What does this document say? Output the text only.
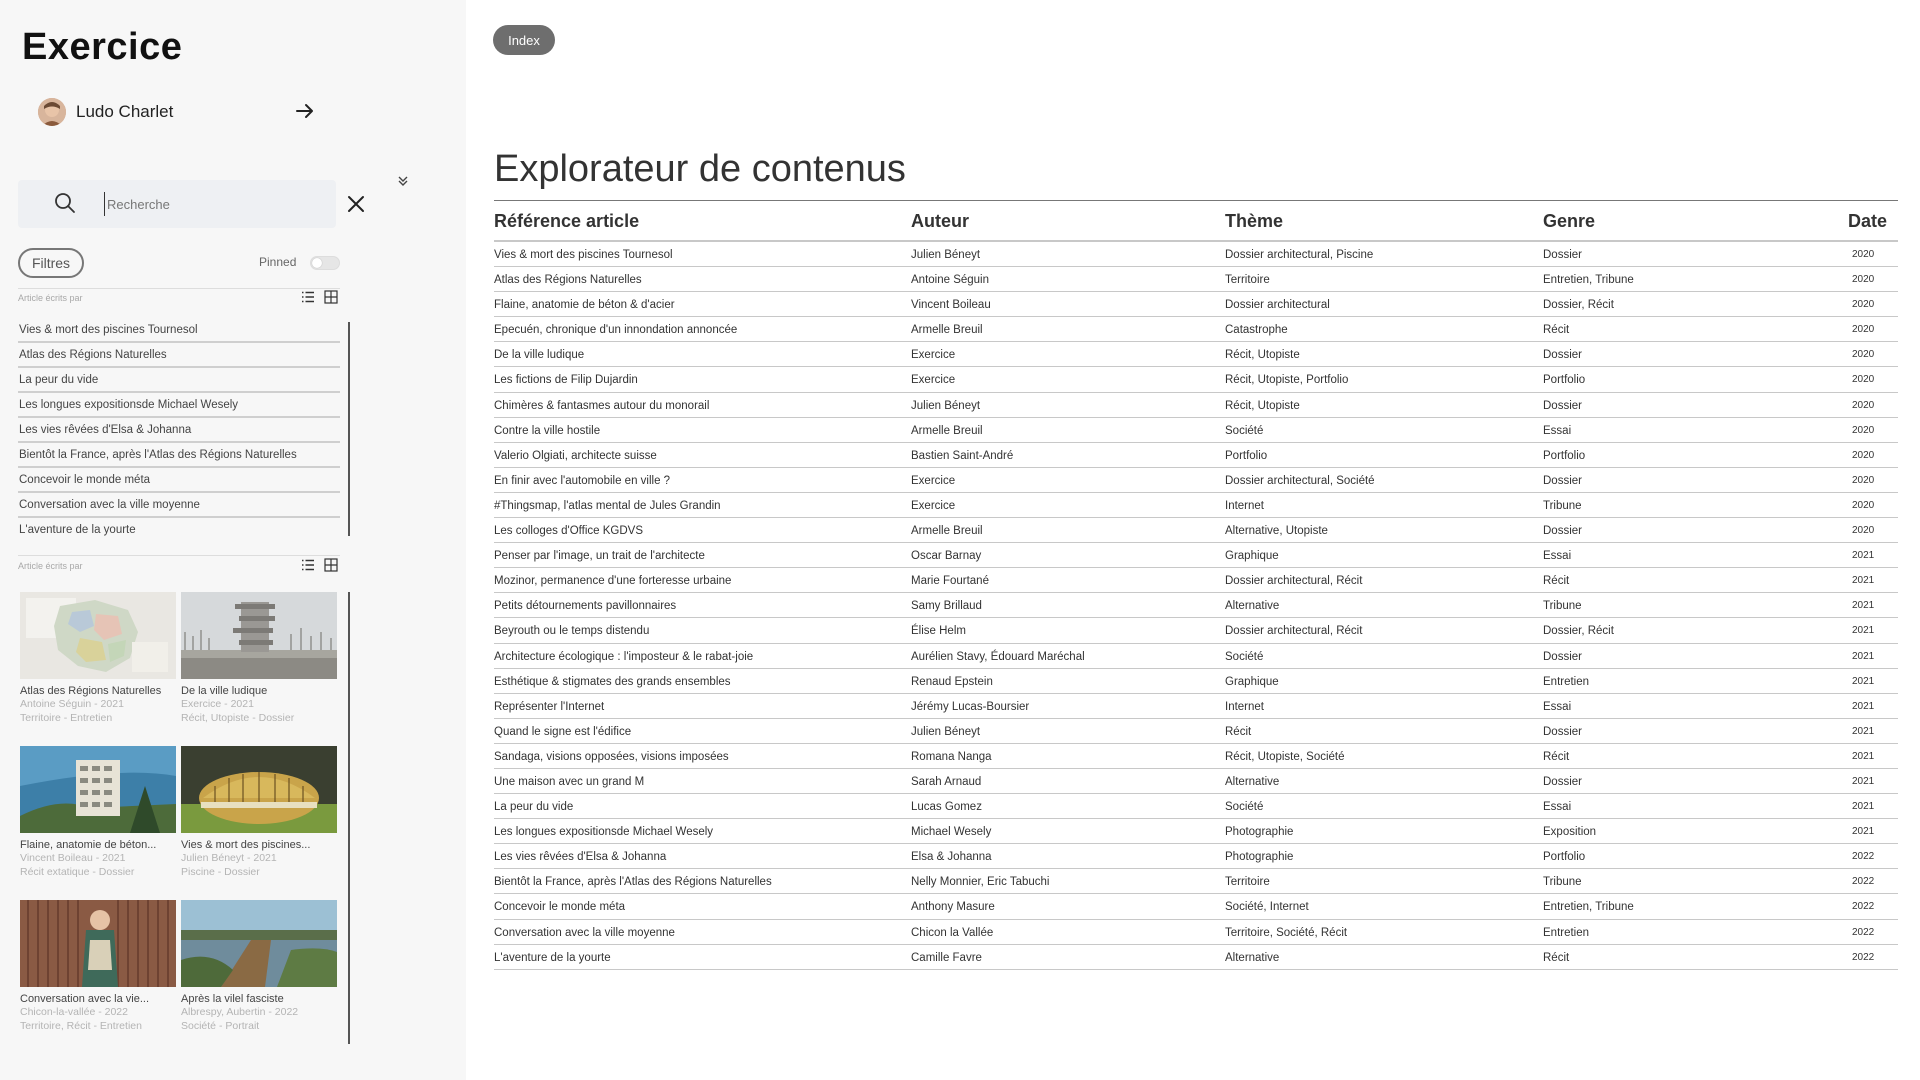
Exercice
Ludo Charlet
Recherche
Filtres	Pinned
Article écrits par
Vies & mort des piscines Tournesol
Atlas des Régions Naturelles
La peur du vide
Les longues expositionsde Michael Wesely
Les vies rêvées d'Elsa & Johanna
Bientôt la France, après l'Atlas des Régions Naturelles
Concevoir le monde méta
Conversation avec la ville moyenne
L'aventure de la yourte
Article écrits par
Atlas des Régions Naturelles
Antoine Séguin - 2021
Territoire - Entretien
De la ville ludique
Exercice - 2021
Récit, Utopiste - Dossier
Flaine, anatomie de béton...
Vincent Boileau - 2021
Récit extatique - Dossier
Vies & mort des piscines...
Julien Béneyt - 2021
Piscine - Dossier
Conversation avec la vie...
Chicon-la-vallée - 2022
Territoire, Récit - Entretien
Après la vilel fasciste
Albrespy, Aubertin - 2022
Société - Portrait
Index
Explorateur de contenus
Référence article	Auteur	Thème	Genre	Date
Vies & mort des piscines Tournesol	Julien Béneyt	Dossier architectural, Piscine	Dossier	2020
Atlas des Régions Naturelles	Antoine Séguin	Territoire	Entretien, Tribune	2020
Flaine, anatomie de béton & d'acier	Vincent Boileau	Dossier architectural	Dossier, Récit	2020
Epecuén, chronique d'un innondation annoncée	Armelle Breuil	Catastrophe	Récit	2020
De la ville ludique	Exercice	Récit, Utopiste	Dossier	2020
Les fictions de Filip Dujardin	Exercice	Récit, Utopiste, Portfolio	Portfolio	2020
Chimères & fantasmes autour du monorail	Julien Béneyt	Récit, Utopiste	Dossier	2020
Contre la ville hostile	Armelle Breuil	Société	Essai	2020
Valerio Olgiati, architecte suisse	Bastien Saint-André	Portfolio	Portfolio	2020
En finir avec l'automobile en ville ?	Exercice	Dossier architectural, Société	Dossier	2020
#Thingsmap, l'atlas mental de Jules Grandin	Exercice	Internet	Tribune	2020
Les colloges d'Office KGDVS	Armelle Breuil	Alternative, Utopiste	Dossier	2020
Penser par l'image, un trait de l'architecte	Oscar Barnay	Graphique	Essai	2021
Mozinor, permanence d'une forteresse urbaine	Marie Fourtané	Dossier architectural, Récit	Récit	2021
Petits détournements pavillonnaires	Samy Brillaud	Alternative	Tribune	2021
Beyrouth ou le temps distendu	Élise Helm	Dossier architectural, Récit	Dossier, Récit	2021
Architecture écologique : l'imposteur & le rabat-joie	Aurélien Stavy, Édouard Maréchal	Société	Dossier	2021
Esthétique & stigmates des grands ensembles	Renaud Epstein	Graphique	Entretien	2021
Représenter l'Internet	Jérémy Lucas-Boursier	Internet	Essai	2021
Quand le signe est l'édifice	Julien Béneyt	Récit	Dossier	2021
Sandaga, visions opposées, visions imposées	Romana Nanga	Récit, Utopiste, Société	Récit	2021
Une maison avec un grand M	Sarah Arnaud	Alternative	Dossier	2021
La peur du vide	Lucas Gomez	Société	Essai	2021
Les longues expositionsde Michael Wesely	Michael Wesely	Photographie	Exposition	2021
Les vies rêvées d'Elsa & Johanna	Elsa & Johanna	Photographie	Portfolio	2022
Bientôt la France, après l'Atlas des Régions Naturelles	Nelly Monnier, Eric Tabuchi	Territoire	Tribune	2022
Concevoir le monde méta	Anthony Masure	Société, Internet	Entretien, Tribune	2022
Conversation avec la ville moyenne	Chicon la Vallée	Territoire, Société, Récit	Entretien	2022
L'aventure de la yourte	Camille Favre	Alternative	Récit	2022
